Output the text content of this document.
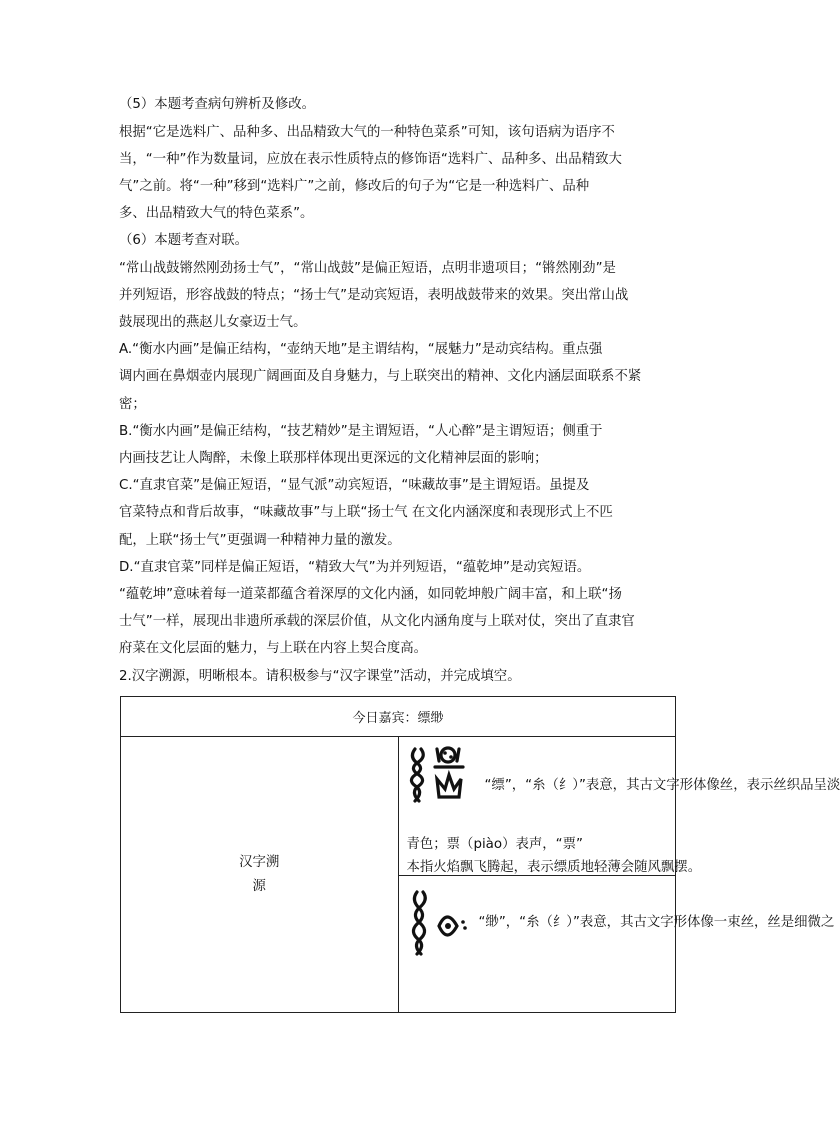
（5）本题考查病句辨析及修改。
根据“它是选料广、品种多、出品精致大气的一种特色菜系”可知，该句语病为语序不
当，“一种”作为数量词，应放在表示性质特点的修饰语“选料广、品种多、出品精致大
气”之前。将“一种”移到“选料广”之前，修改后的句子为“它是一种选料广、品种
多、出品精致大气的特色菜系”。
（6）本题考查对联。
“常山战鼓锵然刚劲扬士气”，“常山战鼓”是偏正短语，点明非遗项目；“锵然刚劲”是
并列短语，形容战鼓的特点；“扬士气”是动宾短语，表明战鼓带来的效果。突出常山战
鼓展现出的燕赵儿女豪迈士气。
A.“衡水内画”是偏正结构，“壶纳天地”是主谓结构，“展魅力”是动宾结构。重点强
调内画在鼻烟壶内展现广阔画面及自身魅力，与上联突出的精神、文化内涵层面联系不紧
密；
B.“衡水内画”是偏正结构，“技艺精妙”是主谓短语，“人心醉”是主谓短语；侧重于
内画技艺让人陶醉，未像上联那样体现出更深远的文化精神层面的影响；
C.“直隶官菜”是偏正短语，“显气派”动宾短语，“味藏故事”是主谓短语。虽提及
官菜特点和背后故事，“味藏故事”与上联“扬士气 在文化内涵深度和表现形式上不匹
配，上联“扬士气”更强调一种精神力量的激发。
D.“直隶官菜”同样是偏正短语，“精致大气”为并列短语，“蕴乾坤”是动宾短语。
“蕴乾坤”意味着每一道菜都蕴含着深厚的文化内涵，如同乾坤般广阔丰富，和上联“扬
士气”一样，展现出非遗所承载的深层价值，从文化内涵角度与上联对仗，突出了直隶官
府菜在文化层面的魅力，与上联在内容上契合度高。
2.汉字溯源，明晰根本。请积极参与“汉字课堂”活动，并完成填空。
今日嘉宾：缥缈

汉字溯
源

“缥”，“糸（纟）”表意，其古文字形体像丝，表示丝织品呈淡
青色；票（piào）表声，“票”
本指火焰飘飞腾起，表示缥质地轻薄会随风飘摆。

“缈”，“糸（纟）”表意，其古文字形体像一束丝，丝是细微之
